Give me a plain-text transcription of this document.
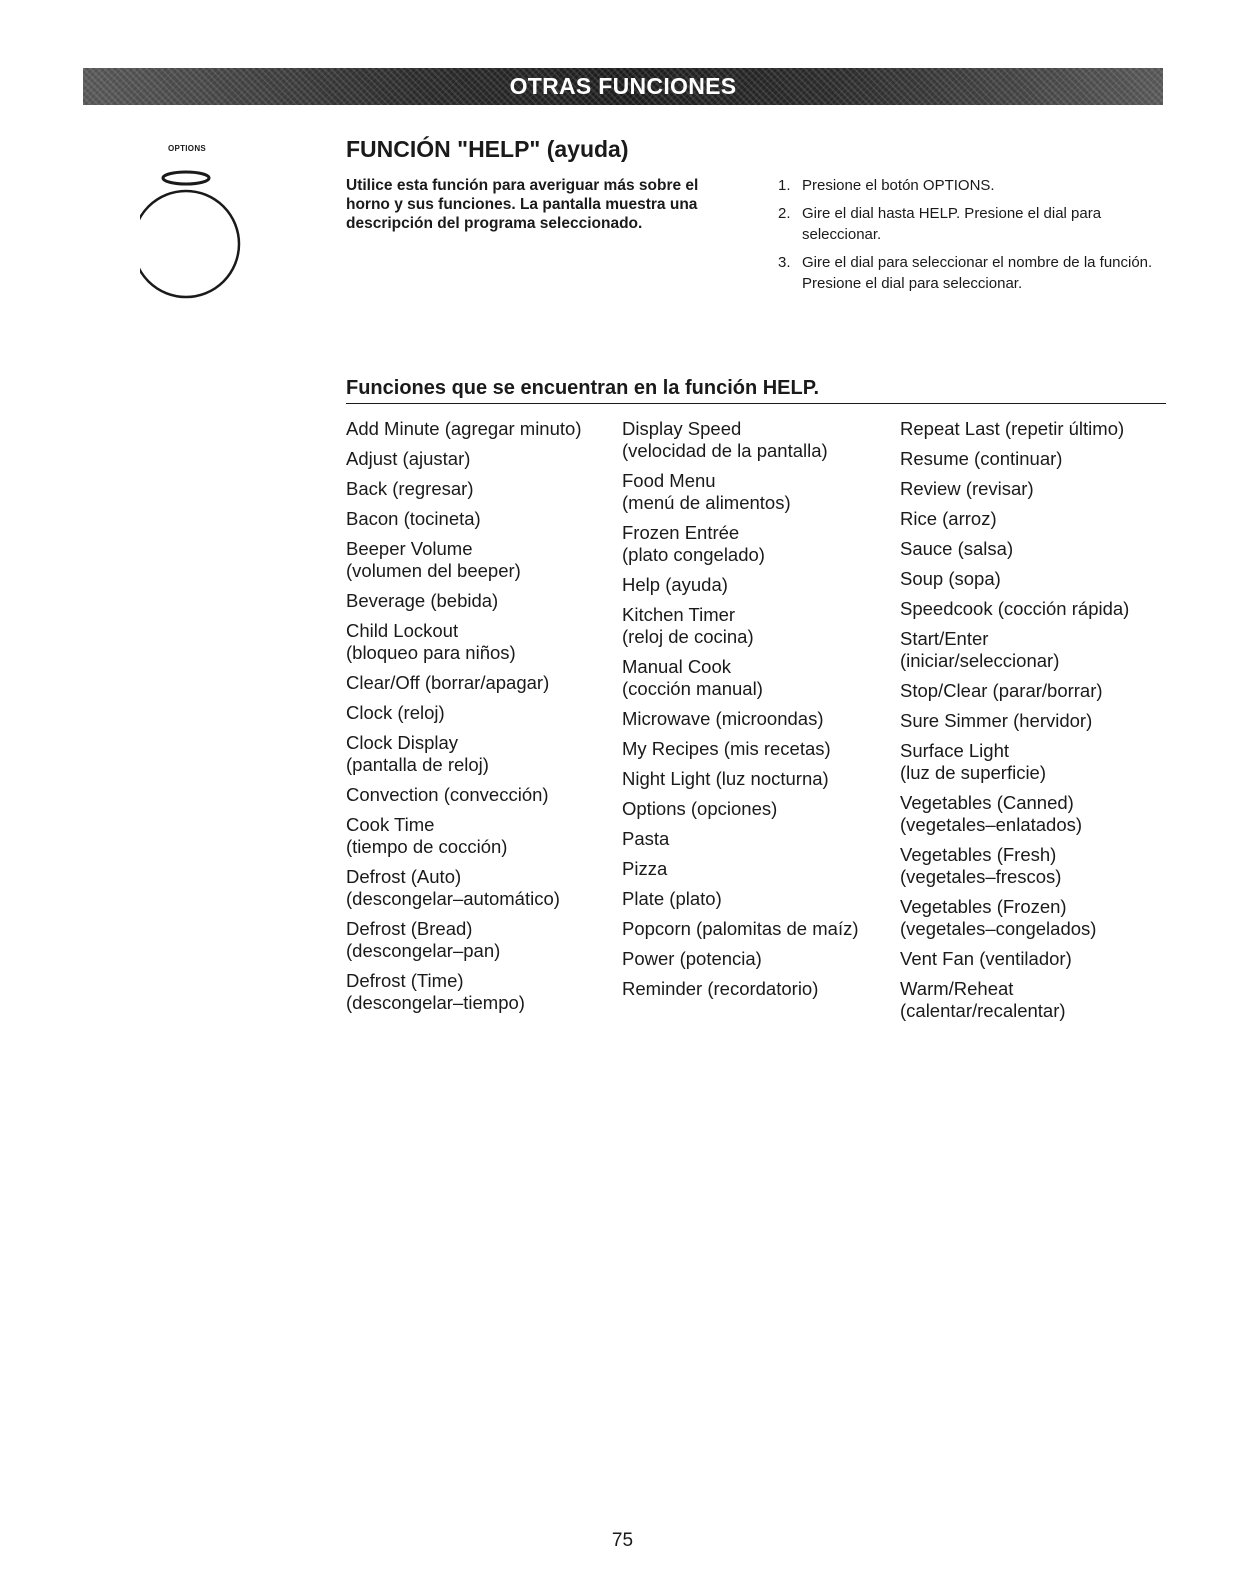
OTRAS FUNCIONES
OPTIONS	FUNCIÓN "HELP" (ayuda)

Utilice esta función para averiguar más sobre el horno y sus funciones. La pantalla muestra una descripción del programa seleccionado.

1. Presione el botón OPTIONS.
2. Gire el dial hasta HELP. Presione el dial para seleccionar.
3. Gire el dial para seleccionar el nombre de la función. Presione el dial para seleccionar.
Funciones que se encuentran en la función HELP.
Add Minute (agregar minuto)
Adjust (ajustar)
Back (regresar)
Bacon (tocineta)
Beeper Volume
(volumen del beeper)
Beverage (bebida)
Child Lockout
(bloqueo para niños)
Clear/Off (borrar/apagar)
Clock (reloj)
Clock Display
(pantalla de reloj)
Convection (convección)
Cook Time
(tiempo de cocción)
Defrost (Auto)
(descongelar–automático)
Defrost (Bread)
(descongelar–pan)
Defrost (Time)
(descongelar–tiempo)
Display Speed
(velocidad de la pantalla)
Food Menu
(menú de alimentos)
Frozen Entrée
(plato congelado)
Help (ayuda)
Kitchen Timer
(reloj de cocina)
Manual Cook
(cocción manual)
Microwave (microondas)
My Recipes (mis recetas)
Night Light (luz nocturna)
Options (opciones)
Pasta
Pizza
Plate (plato)
Popcorn (palomitas de maíz)
Power (potencia)
Reminder (recordatorio)
Repeat Last (repetir último)
Resume (continuar)
Review (revisar)
Rice (arroz)
Sauce (salsa)
Soup (sopa)
Speedcook (cocción rápida)
Start/Enter
(iniciar/seleccionar)
Stop/Clear (parar/borrar)
Sure Simmer (hervidor)
Surface Light
(luz de superficie)
Vegetables (Canned)
(vegetales–enlatados)
Vegetables (Fresh)
(vegetales–frescos)
Vegetables (Frozen)
(vegetales–congelados)
Vent Fan (ventilador)
Warm/Reheat
(calentar/recalentar)
75
